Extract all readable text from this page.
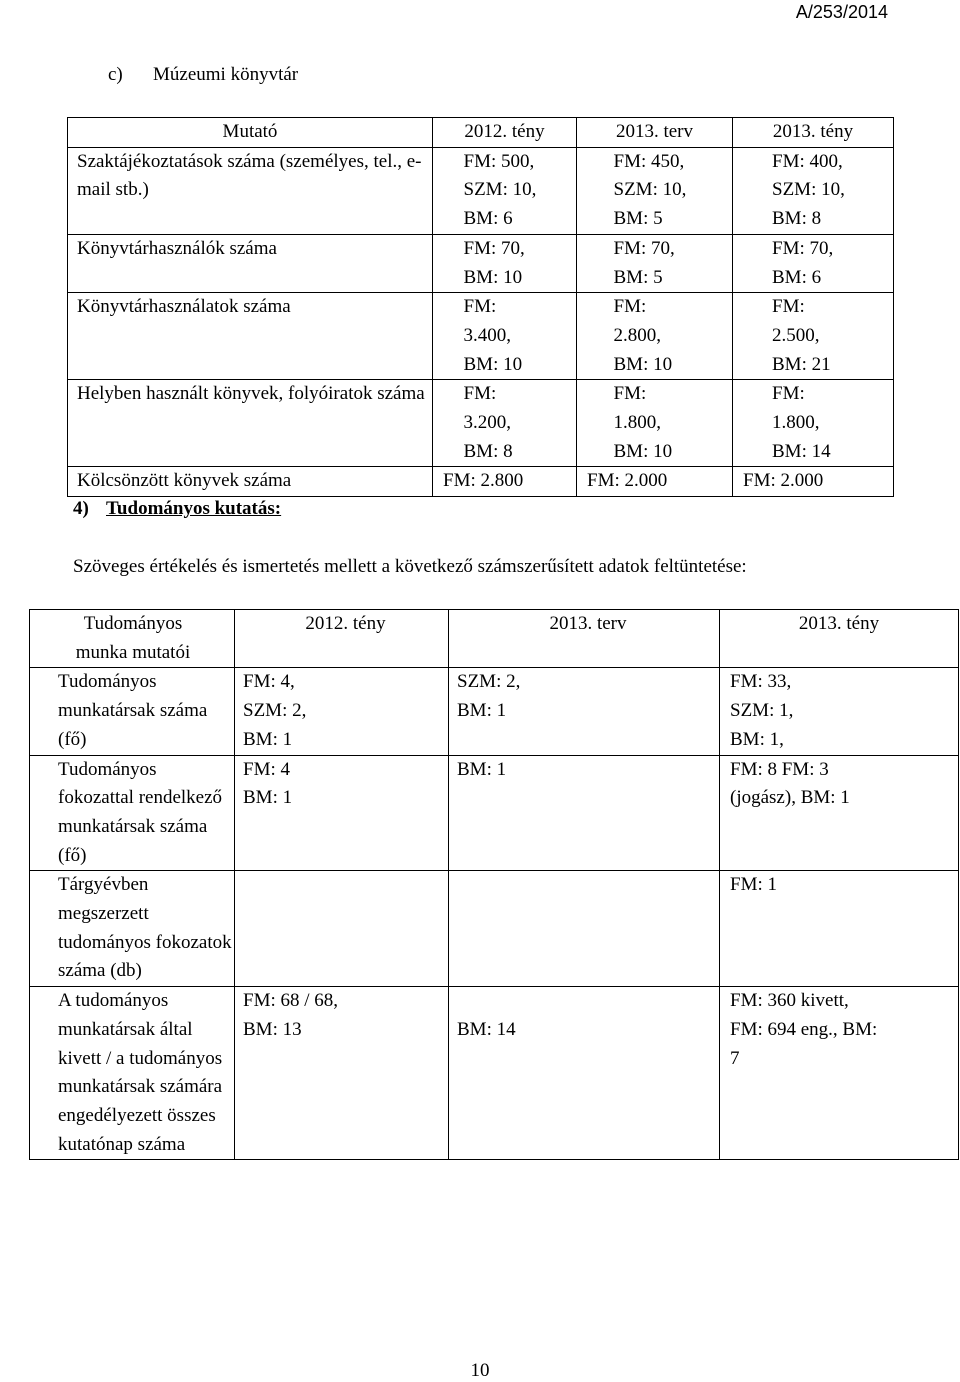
A/253/2014
c) Múzeumi könyvtár
Mutató	2012. tény	2013. terv	2013. tény
Szaktájékoztatások száma (személyes, tel., e-mail stb.)	FM: 500, SZM: 10, BM: 6	FM: 450, SZM: 10, BM: 5	FM: 400, SZM: 10, BM: 8
Könyvtárhasználók száma	FM: 70, BM: 10	FM: 70, BM: 5	FM: 70, BM: 6
Könyvtárhasználatok száma	FM: 3.400, BM: 10	FM: 2.800, BM: 10	FM: 2.500, BM: 21
Helyben használt könyvek, folyóiratok száma	FM: 3.200, BM: 8	FM: 1.800, BM: 10	FM: 1.800, BM: 14
Kölcsönzött könyvek száma	FM: 2.800	FM: 2.000	FM: 2.000
4) Tudományos kutatás:
Szöveges értékelés és ismertetés mellett a következő számszerűsített adatok feltüntetése:
Tudományos munka mutatói	2012. tény	2013. terv	2013. tény
Tudományos munkatársak száma (fő)	FM: 4, SZM: 2, BM: 1	SZM: 2, BM: 1	FM: 33, SZM: 1, BM: 1,
Tudományos fokozattal rendelkező munkatársak száma (fő)	FM: 4 BM: 1	BM: 1	FM: 8 FM: 3 (jogász), BM: 1
Tárgyévben megszerzett tudományos fokozatok száma (db)			FM: 1
A tudományos munkatársak által kivett / a tudományos munkatársak számára engedélyezett összes kutatónap száma	FM: 68 / 68, BM: 13	BM: 14	FM: 360 kivett, FM: 694 eng., BM: 7
10
